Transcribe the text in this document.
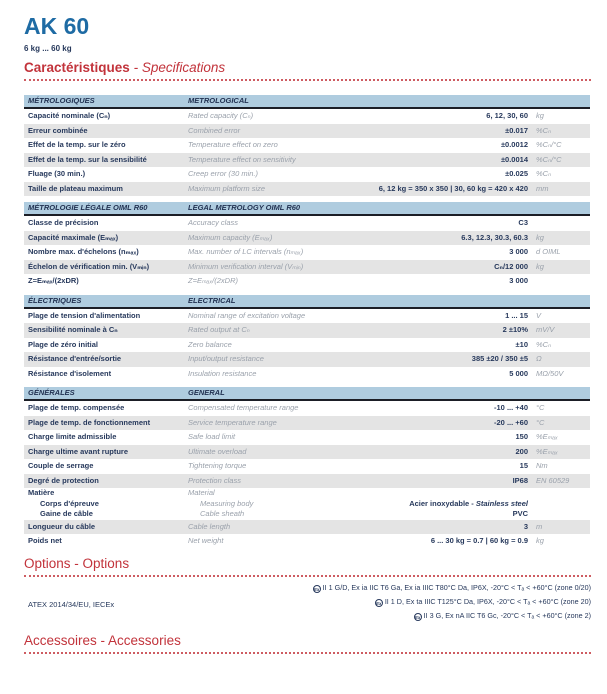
AK 60
6 kg ... 60 kg
Caractéristiques - Specifications
MÉTROLOGIQUES	METROLOGICAL
Capacité nominale (Cₙ)	Rated capacity (Cₙ)	6, 12, 30, 60 kg
Erreur combinée	Combined error	±0.017 %Cₙ
Effet de la temp. sur le zéro	Temperature effect on zero	±0.0012 %Cₙ/°C
Effet de la temp. sur la sensibilité	Temperature effect on sensitivity	±0.0014 %Cₙ/°C
Fluage (30 min.)	Creep error (30 min.)	±0.025 %Cₙ
Taille de plateau maximum	Maximum platform size	6, 12 kg = 350 x 350 | 30, 60 kg = 420 x 420 mm
MÉTROLOGIE LÉGALE OIML R60	LEGAL METROLOGY OIML R60
Classe de précision	Accuracy class	C3
Capacité maximale (Eₘₐₓ)	Maximum capacity (Eₘₐₓ)	6.3, 12.3, 30.3, 60.3 kg
Nombre max. d'échelons (nₘₐₓ)	Max. number of LC intervals (nₘₐₓ)	3 000 d OIML
Échelon de vérification min. (Vₘᵢₙ)	Minimum verification interval (Vₘᵢₙ)	Cₙ/12 000 kg
Z=Eₘₐₓ/(2xDR)	Z=Eₘₐₓ/(2xDR)	3 000
ÉLECTRIQUES	ELECTRICAL
Plage de tension d'alimentation	Nominal range of excitation voltage	1 ... 15 V
Sensibilité nominale à Cₙ	Rated output at Cₙ	2 ±10% mV/V
Plage de zéro initial	Zero balance	±10 %Cₙ
Résistance d'entrée/sortie	Input/output resistance	385 ±20 / 350 ±5 Ω
Résistance d'isolement	Insulation resistance	5 000 MΩ/50V
GÉNÉRALES	GENERAL
Plage de temp. compensée	Compensated temperature range	-10 ... +40 °C
Plage de temp. de fonctionnement	Service temperature range	-20 ... +60 °C
Charge limite admissible	Safe load limit	150 %Eₘₐₓ
Charge ultime avant rupture	Ultimate overload	200 %Eₘₐₓ
Couple de serrage	Tightening torque	15 Nm
Degré de protection	Protection class	IP68 EN 60529
Matière	Material
Corps d'épreuve	Measuring body	Acier inoxydable - Stainless steel
Gaine de câble	Cable sheath	PVC
Longueur du câble	Cable length	3 m
Poids net	Net weight	6 ... 30 kg = 0.7 | 60 kg = 0.9 kg
Options - Options
ATEX 2014/34/EU, IECEx
Ex II 1 G/D, Ex ia IIC T6 Ga, Ex ia IIIC T80°C Da, IP6X, -20°C < Tₐ < +60°C (zone 0/20)
Ex II 1 D, Ex ta IIIC T125°C Da, IP6X, -20°C < Tₐ < +60°C (zone 20)
Ex II 3 G, Ex nA IIC T6 Gc, -20°C < Tₐ < +60°C (zone 2)
Accessoires - Accessories
